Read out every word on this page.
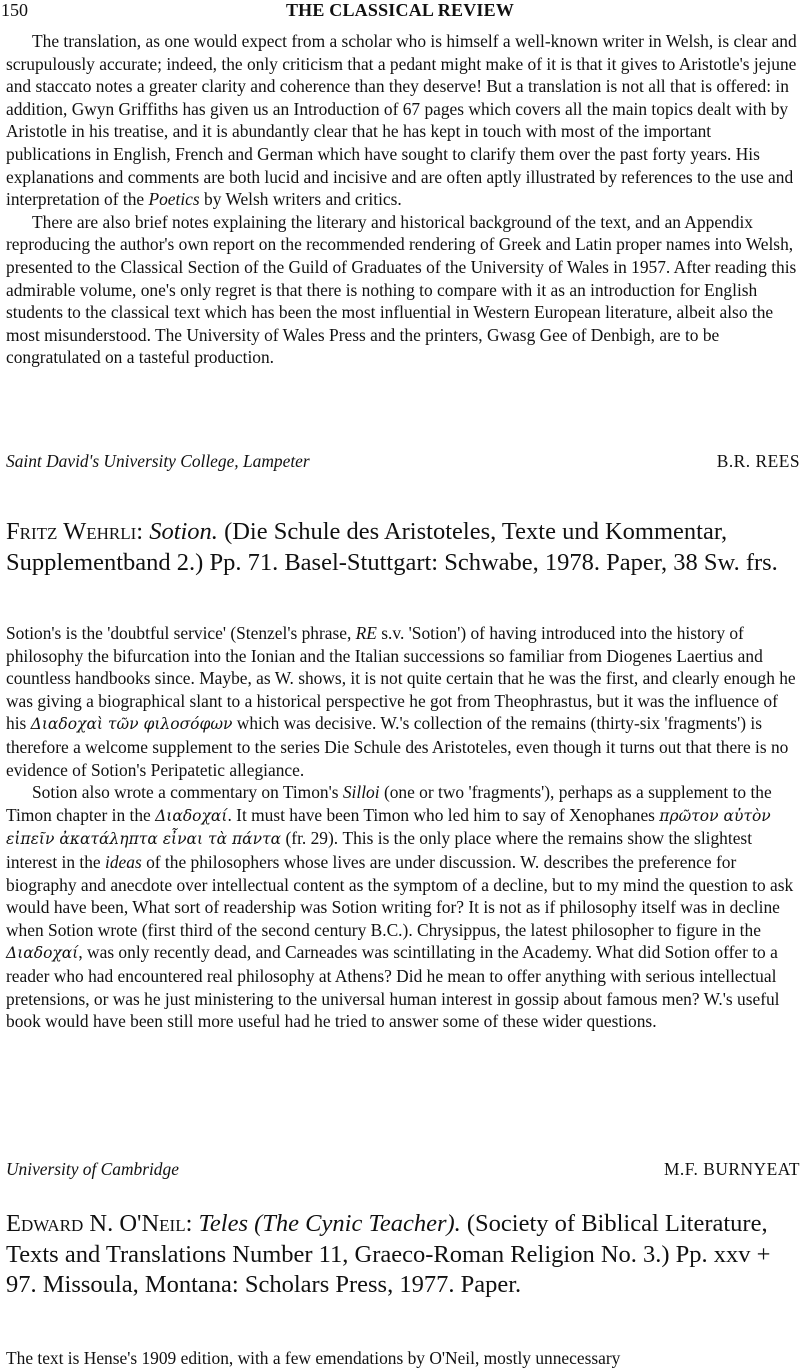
150	THE CLASSICAL REVIEW

The translation, as one would expect from a scholar who is himself a well-known writer in Welsh, is clear and scrupulously accurate; indeed, the only criticism that a pedant might make of it is that it gives to Aristotle's jejune and staccato notes a greater clarity and coherence than they deserve! But a translation is not all that is offered: in addition, Gwyn Griffiths has given us an Introduction of 67 pages which covers all the main topics dealt with by Aristotle in his treatise, and it is abundantly clear that he has kept in touch with most of the important publications in English, French and German which have sought to clarify them over the past forty years. His explanations and comments are both lucid and incisive and are often aptly illustrated by references to the use and interpretation of the Poetics by Welsh writers and critics.

There are also brief notes explaining the literary and historical background of the text, and an Appendix reproducing the author's own report on the recommended rendering of Greek and Latin proper names into Welsh, presented to the Classical Section of the Guild of Graduates of the University of Wales in 1957. After reading this admirable volume, one's only regret is that there is nothing to compare with it as an introduction for English students to the classical text which has been the most influential in Western European literature, albeit also the most misunderstood. The University of Wales Press and the printers, Gwasg Gee of Denbigh, are to be congratulated on a tasteful production.

Saint David's University College, Lampeter	B.R. REES

Fritz Wehrli: Sotion. (Die Schule des Aristoteles, Texte und Kommentar, Supplementband 2.) Pp. 71. Basel-Stuttgart: Schwabe, 1978. Paper, 38 Sw. frs.

Sotion's is the 'doubtful service' (Stenzel's phrase, RE s.v. 'Sotion') of having introduced into the history of philosophy the bifurcation into the Ionian and the Italian successions so familiar from Diogenes Laertius and countless handbooks since. Maybe, as W. shows, it is not quite certain that he was the first, and clearly enough he was giving a biographical slant to a historical perspective he got from Theophrastus, but it was the influence of his Διαδοχαὶ τῶν φιλοσόφων which was decisive. W.'s collection of the remains (thirty-six 'fragments') is therefore a welcome supplement to the series Die Schule des Aristoteles, even though it turns out that there is no evidence of Sotion's Peripatetic allegiance.

Sotion also wrote a commentary on Timon's Silloi (one or two 'fragments'), perhaps as a supplement to the Timon chapter in the Διαδοχαί. It must have been Timon who led him to say of Xenophanes πρῶτον αὐτὸν εἰπεῖν ἀκατάληπτα εἶναι τὰ πάντα (fr. 29). This is the only place where the remains show the slightest interest in the ideas of the philosophers whose lives are under discussion. W. describes the preference for biography and anecdote over intellectual content as the symptom of a decline, but to my mind the question to ask would have been, What sort of readership was Sotion writing for? It is not as if philosophy itself was in decline when Sotion wrote (first third of the second century B.C.). Chrysippus, the latest philosopher to figure in the Διαδοχαί, was only recently dead, and Carneades was scintillating in the Academy. What did Sotion offer to a reader who had encountered real philosophy at Athens? Did he mean to offer anything with serious intellectual pretensions, or was he just ministering to the universal human interest in gossip about famous men? W.'s useful book would have been still more useful had he tried to answer some of these wider questions.

University of Cambridge	M.F. BURNYEAT

Edward N. O'Neil: Teles (The Cynic Teacher). (Society of Biblical Literature, Texts and Translations Number 11, Graeco-Roman Religion No. 3.) Pp. xxv + 97. Missoula, Montana: Scholars Press, 1977. Paper.

The text is Hense's 1909 edition, with a few emendations by O'Neil, mostly unnecessary
